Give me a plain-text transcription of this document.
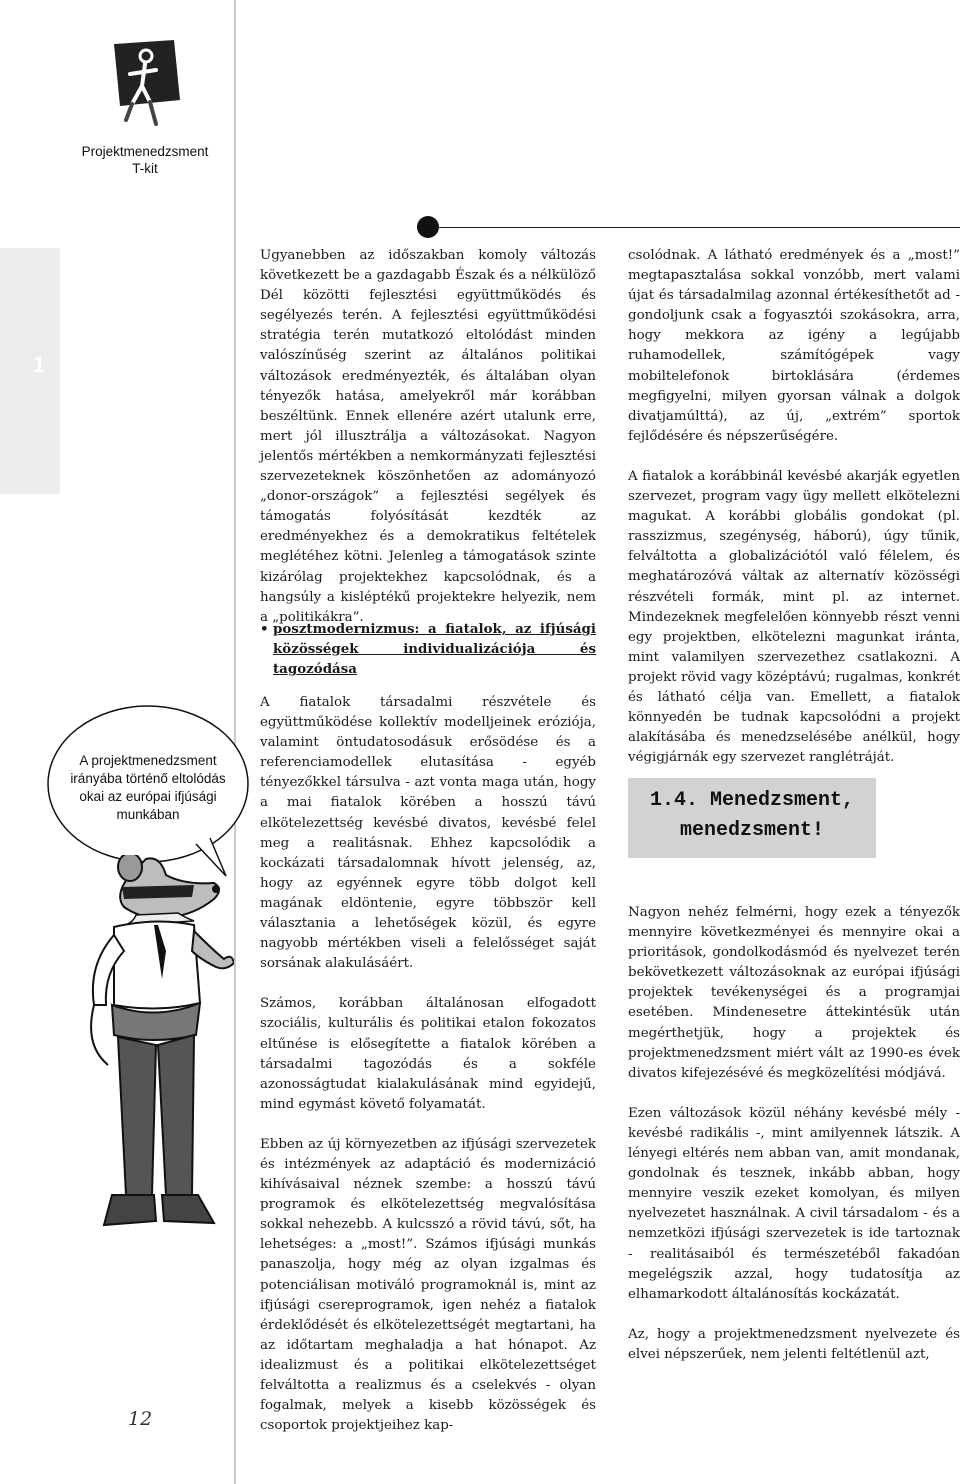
Projektmenedzsment
T-kit
1
A projektmenedzsment irányába történő eltolódás okai az európai ifjúsági munkában

Ugyanebben az időszakban komoly változás következett be a gazdagabb Észak és a nélkülöző Dél közötti fejlesztési együttműködés és segélyezés terén. A fejlesztési együttműködési stratégia terén mutatkozó eltolódást minden valószínűség szerint az általános politikai változások eredményezték, és általában olyan tényezők hatása, amelyekről már korábban beszéltünk. Ennek ellenére azért utalunk erre, mert jól illusztrálja a változásokat. Nagyon jelentős mértékben a nemkormányzati fejlesztési szervezeteknek köszönhetően az adományozó „donor-országok” a fejlesztési segélyek és támogatás folyósítását kezdték az eredményekhez és a demokratikus feltételek meglétéhez kötni. Jelenleg a támogatások szinte kizárólag projektekhez kapcsolódnak, és a hangsúly a kisléptékű projektekre helyezik, nem a „politikákra”.

• posztmodernizmus: a fiatalok, az ifjúsági közösségek individualizációja és tagozódása

A fiatalok társadalmi részvétele és együttműködése kollektív modelljeinek eróziója, valamint öntudatosodásuk erősödése és a referenciamodellek elutasítása - egyéb tényezőkkel társulva - azt vonta maga után, hogy a mai fiatalok körében a hosszú távú elkötelezettség kevésbé divatos, kevésbé felel meg a realitásnak. Ehhez kapcsolódik a kockázati társadalomnak hívott jelenség, az, hogy az egyénnek egyre több dolgot kell magának eldöntenie, egyre többször kell választania a lehetőségek közül, és egyre nagyobb mértékben viseli a felelősséget saját sorsának alakulásáért.

Számos, korábban általánosan elfogadott szociális, kulturális és politikai etalon fokozatos eltűnése is elősegítette a fiatalok körében a társadalmi tagozódás és a sokféle azonosságtudat kialakulásának mind egyidejű, mind egymást követő folyamatát.

Ebben az új környezetben az ifjúsági szervezetek és intézmények az adaptáció és modernizáció kihívásaival néznek szembe: a hosszú távú programok és elkötelezettség megvalósítása sokkal nehezebb. A kulcsszó a rövid távú, sőt, ha lehetséges: a „most!”. Számos ifjúsági munkás panaszolja, hogy még az olyan izgalmas és potenciálisan motiváló programoknál is, mint az ifjúsági csereprogramok, igen nehéz a fiatalok érdeklődését és elkötelezettségét megtartani, ha az időtartam meghaladja a hat hónapot. Az idealizmust és a politikai elkötelezettséget felváltotta a realizmus és a cselekvés - olyan fogalmak, melyek a kisebb közösségek és csoportok projektjeihez kap-

csolódnak. A látható eredmények és a „most!” megtapasztalása sokkal vonzóbb, mert valami újat és társadalmilag azonnal értékesíthetőt ad - gondoljunk csak a fogyasztói szokásokra, arra, hogy mekkora az igény a legújabb ruhamodellek, számítógépek vagy mobiltelefonok birtoklására (érdemes megfigyelni, milyen gyorsan válnak a dolgok divatjamúlttá), az új, „extrém” sportok fejlődésére és népszerűségére.

A fiatalok a korábbinál kevésbé akarják egyetlen szervezet, program vagy ügy mellett elkötelezni magukat. A korábbi globális gondokat (pl. rasszizmus, szegénység, háború), úgy tűnik, felváltotta a globalizációtól való félelem, és meghatározóvá váltak az alternatív közösségi részvételi formák, mint pl. az internet. Mindezeknek megfelelően könnyebb részt venni egy projektben, elkötelezni magunkat iránta, mint valamilyen szervezethez csatlakozni. A projekt rövid vagy középtávú; rugalmas, konkrét és látható célja van. Emellett, a fiatalok könnyedén be tudnak kapcsolódni a projekt alakításába és menedzselésébe anélkül, hogy végigjárnák egy szervezet ranglétráját.

1.4. Menedzsment,
menedzsment!

Nagyon nehéz felmérni, hogy ezek a tényezők mennyire következményei és mennyire okai a prioritások, gondolkodásmód és nyelvezet terén bekövetkezett változásoknak az európai ifjúsági projektek tevékenységei és a programjai esetében. Mindenesetre áttekintésük után megérthetjük, hogy a projektek és projektmenedzsment miért vált az 1990-es évek divatos kifejezésévé és megközelítési módjává.

Ezen változások közül néhány kevésbé mély - kevésbé radikális -, mint amilyennek látszik. A lényegi eltérés nem abban van, amit mondanak, gondolnak és tesznek, inkább abban, hogy mennyire veszik ezeket komolyan, és milyen nyelvezetet használnak. A civil társadalom - és a nemzetközi ifjúsági szervezetek is ide tartoznak - realitásaiból és természetéből fakadóan megelégszik azzal, hogy tudatosítja az elhamarkodott általánosítás kockázatát.

Az, hogy a projektmenedzsment nyelvezete és elvei népszerűek, nem jelenti feltétlenül azt,

12
